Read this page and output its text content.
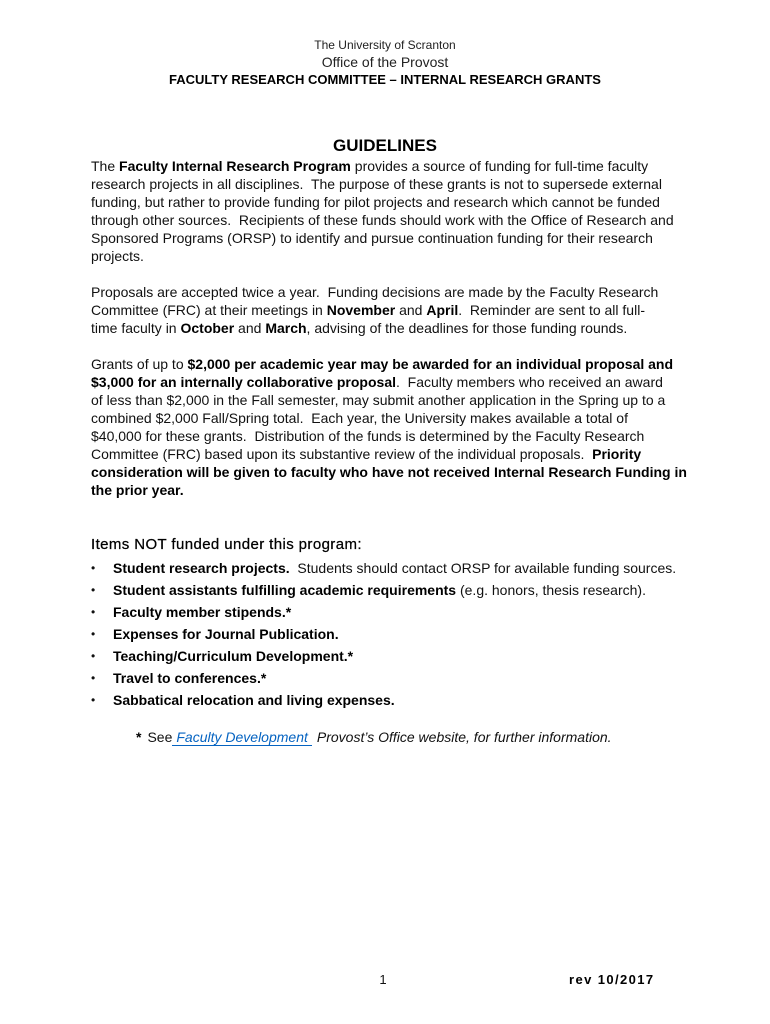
The University of Scranton
Office of the Provost
FACULTY RESEARCH COMMITTEE – INTERNAL RESEARCH GRANTS
GUIDELINES
The Faculty Internal Research Program provides a source of funding for full-time faculty
research projects in all disciplines.  The purpose of these grants is not to supersede external
funding, but rather to provide funding for pilot projects and research which cannot be funded
through other sources.  Recipients of these funds should work with the Office of Research and
Sponsored Programs (ORSP) to identify and pursue continuation funding for their research
projects.
Proposals are accepted twice a year.  Funding decisions are made by the Faculty Research
Committee (FRC) at their meetings in November and April.  Reminder are sent to all full-
time faculty in October and March, advising of the deadlines for those funding rounds.
Grants of up to $2,000 per academic year may be awarded for an individual proposal and
$3,000 for an internally collaborative proposal.  Faculty members who received an award
of less than $2,000 in the Fall semester, may submit another application in the Spring up to a
combined $2,000 Fall/Spring total.  Each year, the University makes available a total of
$40,000 for these grants.  Distribution of the funds is determined by the Faculty Research
Committee (FRC) based upon its substantive review of the individual proposals.  Priority
consideration will be given to faculty who have not received Internal Research Funding in
the prior year.
Items NOT funded under this program:
•	Student research projects.  Students should contact ORSP for available funding sources.
•	Student assistants fulfilling academic requirements (e.g. honors, thesis research).
•	Faculty member stipends.*
•	Expenses for Journal Publication.
•	Teaching/Curriculum Development.*
•	Travel to conferences.*
•	Sabbatical relocation and living expenses.
* See Faculty Development Provost’s Office website, for further information.
1	rev 10/2017
